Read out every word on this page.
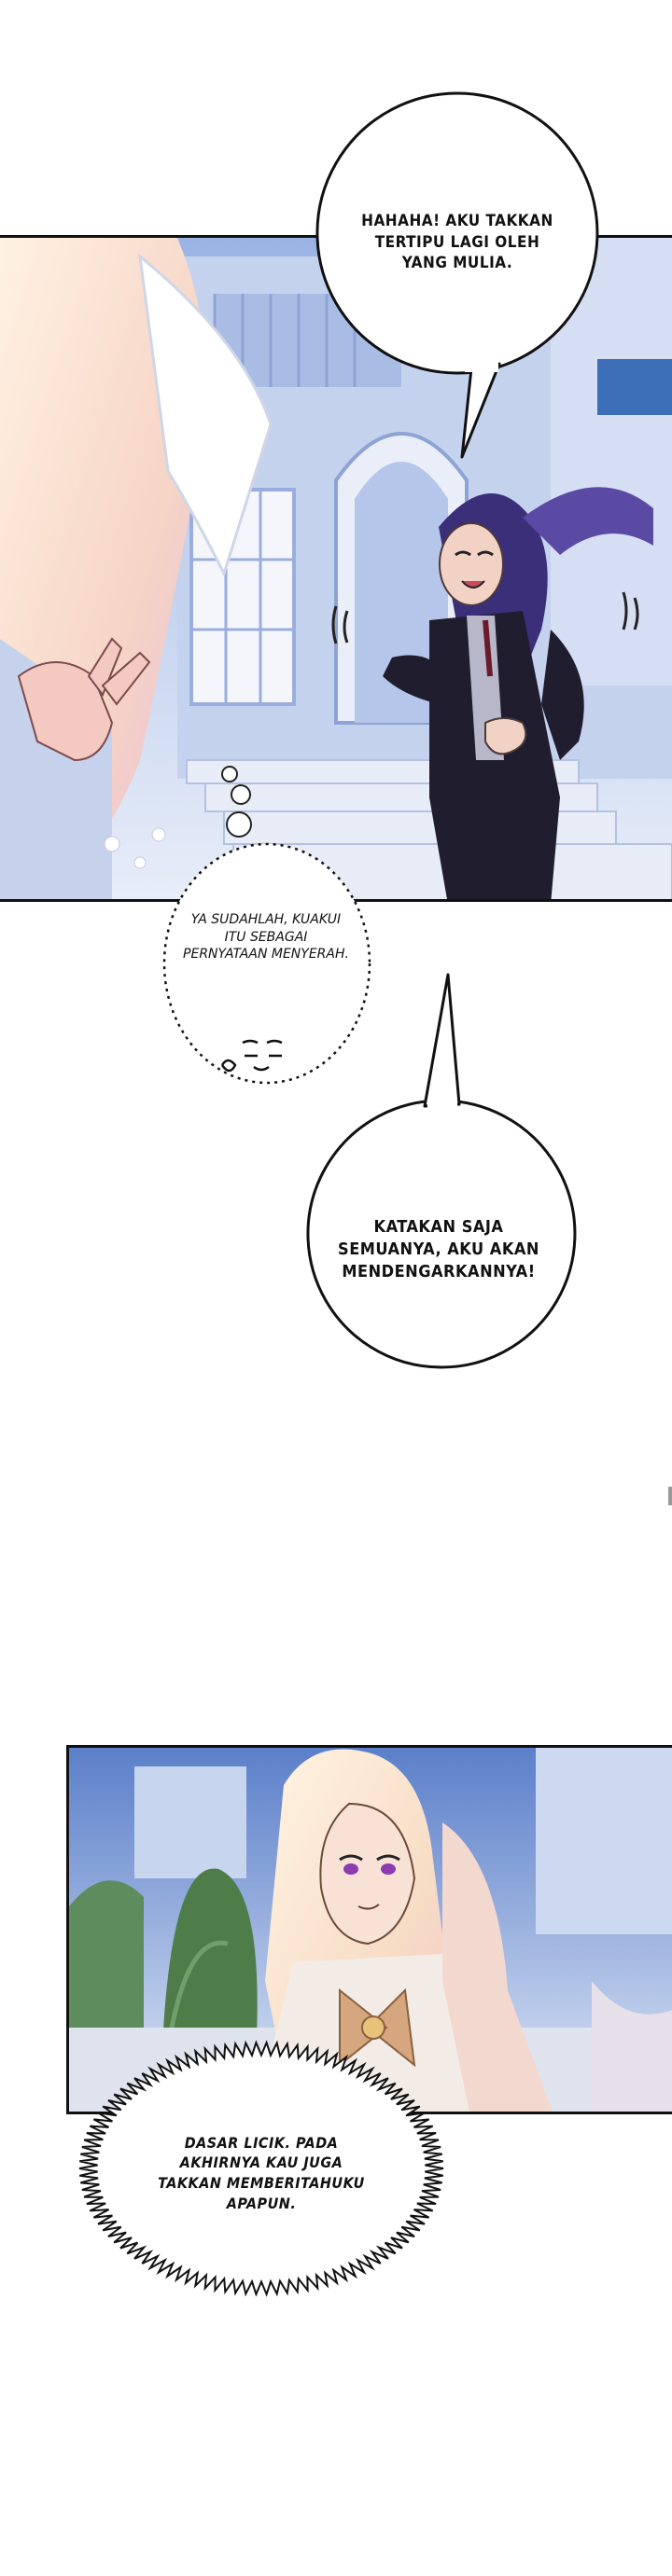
HAHAHA! AKU TAKKAN
TERTIPU LAGI OLEH
YANG MULIA.
YA SUDAHLAH, KUAKUI
ITU SEBAGAI
PERNYATAAN MENYERAH.
KATAKAN SAJA
SEMUANYA, AKU AKAN
MENDENGARKANNYA!
DASAR LICIK. PADA
AKHIRNYA KAU JUGA
TAKKAN MEMBERITAHUKU
APAPUN.
